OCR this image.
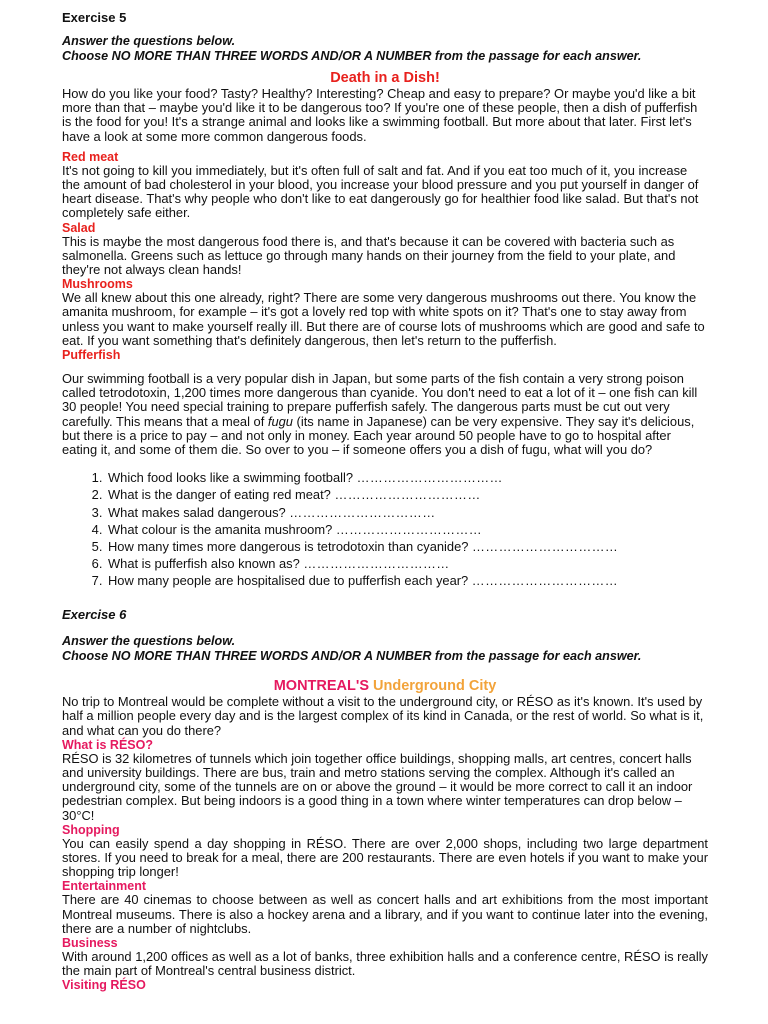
Exercise 5

Answer the questions below.

Choose NO MORE THAN THREE WORDS AND/OR A NUMBER from the passage for each answer.

Death in a Dish!

How do you like your food? Tasty? Healthy? Interesting? Cheap and easy to prepare? Or maybe you'd like a bit more than that – maybe you'd like it to be dangerous too? If you're one of these people, then a dish of pufferfish is the food for you! It's a strange animal and looks like a swimming football. But more about that later. First let's have a look at some more common dangerous foods.

Red meat

It's not going to kill you immediately, but it's often full of salt and fat. And if you eat too much of it, you increase the amount of bad cholesterol in your blood, you increase your blood pressure and you put yourself in danger of heart disease. That's why people who don't like to eat dangerously go for healthier food like salad. But that's not completely safe either.

Salad

This is maybe the most dangerous food there is, and that's because it can be covered with bacteria such as salmonella. Greens such as lettuce go through many hands on their journey from the field to your plate, and they're not always clean hands!

Mushrooms

We all knew about this one already, right? There are some very dangerous mushrooms out there. You know the amanita mushroom, for example – it's got a lovely red top with white spots on it? That's one to stay away from unless you want to make yourself really ill. But there are of course lots of mushrooms which are good and safe to eat. If you want something that's definitely dangerous, then let's return to the pufferfish.

Pufferfish

Our swimming football is a very popular dish in Japan, but some parts of the fish contain a very strong poison called tetrodotoxin, 1,200 times more dangerous than cyanide. You don't need to eat a lot of it – one fish can kill 30 people! You need special training to prepare pufferfish safely. The dangerous parts must be cut out very carefully. This means that a meal of fugu (its name in Japanese) can be very expensive. They say it's delicious, but there is a price to pay – and not only in money. Each year around 50 people have to go to hospital after eating it, and some of them die. So over to you – if someone offers you a dish of fugu, what will you do?

1. Which food looks like a swimming football? ……………………………
2. What is the danger of eating red meat? ……………………………
3. What makes salad dangerous? ……………………………
4. What colour is the amanita mushroom? ……………………………
5. How many times more dangerous is tetrodotoxin than cyanide? ……………………………
6. What is pufferfish also known as? ……………………………
7. How many people are hospitalised due to pufferfish each year? ……………………………
Exercise 6

Answer the questions below.

Choose NO MORE THAN THREE WORDS AND/OR A NUMBER from the passage for each answer.

MONTREAL'S Underground City

No trip to Montreal would be complete without a visit to the underground city, or RÉSO as it's known. It's used by half a million people every day and is the largest complex of its kind in Canada, or the rest of world. So what is it, and what can you do there?

What is RÉSO?

RÉSO is 32 kilometres of tunnels which join together office buildings, shopping malls, art centres, concert halls and university buildings. There are bus, train and metro stations serving the complex. Although it's called an underground city, some of the tunnels are on or above the ground – it would be more correct to call it an indoor pedestrian complex. But being indoors is a good thing in a town where winter temperatures can drop below –30°C!

Shopping

You can easily spend a day shopping in RÉSO. There are over 2,000 shops, including two large department stores. If you need to break for a meal, there are 200 restaurants. There are even hotels if you want to make your shopping trip longer!

Entertainment

There are 40 cinemas to choose between as well as concert halls and art exhibitions from the most important Montreal museums. There is also a hockey arena and a library, and if you want to continue later into the evening, there are a number of nightclubs.

Business

With around 1,200 offices as well as a lot of banks, three exhibition halls and a conference centre, RÉSO is really the main part of Montreal's central business district.

Visiting RÉSO
